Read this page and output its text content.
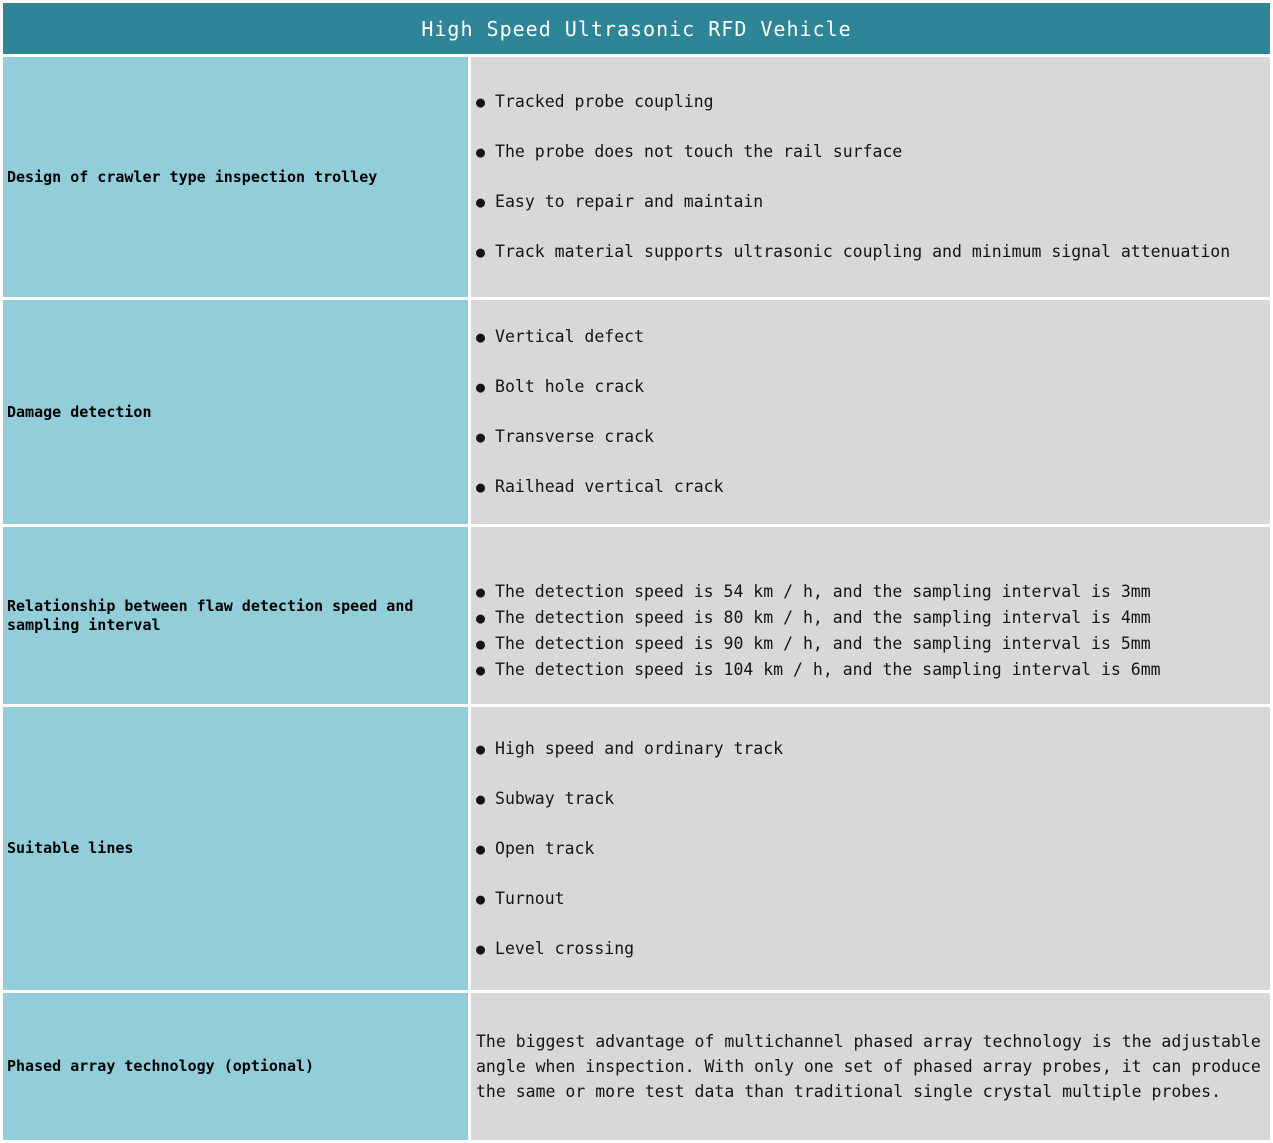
High Speed Ultrasonic RFD Vehicle	
Design of crawler type inspection trolley	
● Tracked probe coupling
● The probe does not touch the rail surface
● Easy to repair and maintain
● Track material supports ultrasonic coupling and minimum signal attenuation

Damage detection	
● Vertical defect
● Bolt hole crack
● Transverse crack
● Railhead vertical crack

Relationship between flaw detection speed and sampling interval	
● The detection speed is 54 km / h, and the sampling interval is 3mm
● The detection speed is 80 km / h, and the sampling interval is 4mm
● The detection speed is 90 km / h, and the sampling interval is 5mm
● The detection speed is 104 km / h, and the sampling interval is 6mm

Suitable lines	
● High speed and ordinary track
● Subway track
● Open track
● Turnout
● Level crossing

Phased array technology (optional)	The biggest advantage of multichannel phased array technology is the adjustable angle when inspection. With only one set of phased array probes, it can produce the same or more test data than traditional single crystal multiple probes.
